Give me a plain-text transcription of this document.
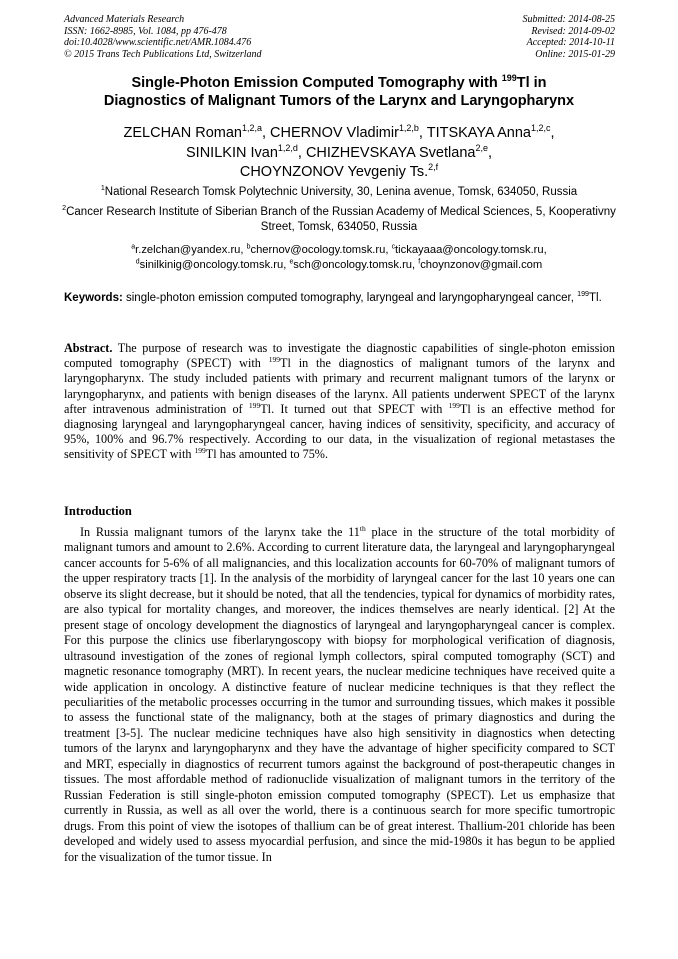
Advanced Materials Research
ISSN: 1662-8985, Vol. 1084, pp 476-478
doi:10.4028/www.scientific.net/AMR.1084.476
© 2015 Trans Tech Publications Ltd, Switzerland
Submitted: 2014-08-25
Revised: 2014-09-02
Accepted: 2014-10-11
Online: 2015-01-29
Single-Photon Emission Computed Tomography with $^{199}$Tl in
Diagnostics of Malignant Tumors of the Larynx and Laryngopharynx
ZELCHAN Roman$^{1,2,a}$, CHERNOV Vladimir$^{1,2,b}$, TITSKAYA Anna$^{1,2,c}$,
SINILKIN Ivan$^{1,2,d}$, CHIZHEVSKAYA Svetlana$^{2,e}$,
CHOYNZONOV Yevgeniy Ts.$^{2,f}$
$^1$National Research Tomsk Polytechnic University, 30, Lenina avenue, Tomsk, 634050, Russia
$^2$Cancer Research Institute of Siberian Branch of the Russian Academy of Medical Sciences, 5, Kooperativny Street, Tomsk, 634050, Russia
$^a$r.zelchan@yandex.ru, $^b$chernov@ocology.tomsk.ru, $^c$tickayaaa@oncology.tomsk.ru,
$^d$sinilkinig@oncology.tomsk.ru, $^e$sch@oncology.tomsk.ru, $^f$choynzonov@gmail.com
Keywords: single-photon emission computed tomography, laryngeal and laryngopharyngeal cancer, $^{199}$Tl.
Abstract. The purpose of research was to investigate the diagnostic capabilities of single-photon emission computed tomography (SPECT) with $^{199}$Tl in the diagnostics of malignant tumors of the larynx and laryngopharynx. The study included patients with primary and recurrent malignant tumors of the larynx or laryngopharynx, and patients with benign diseases of the larynx. All patients underwent SPECT of the larynx after intravenous administration of $^{199}$Tl. It turned out that SPECT with $^{199}$Tl is an effective method for diagnosing laryngeal and laryngopharyngeal cancer, having indices of sensitivity, specificity, and accuracy of 95%, 100% and 96.7% respectively. According to our data, in the visualization of regional metastases the sensitivity of SPECT with $^{199}$Tl has amounted to 75%.
Introduction
In Russia malignant tumors of the larynx take the 11th place in the structure of the total morbidity of malignant tumors and amount to 2.6%. According to current literature data, the laryngeal and laryngopharyngeal cancer accounts for 5-6% of all malignancies, and this localization accounts for 60-70% of malignant tumors of the upper respiratory tracts [1]. In the analysis of the morbidity of laryngeal cancer for the last 10 years one can observe its slight decrease, but it should be noted, that all the tendencies, typical for dynamics of morbidity rates, are also typical for mortality changes, and moreover, the indices themselves are nearly identical. [2] At the present stage of oncology development the diagnostics of laryngeal and laryngopharyngeal cancer is complex. For this purpose the clinics use fiberlaryngoscopy with biopsy for morphological verification of diagnosis, ultrasound investigation of the zones of regional lymph collectors, spiral computed tomography (SCT) and magnetic resonance tomography (MRT). In recent years, the nuclear medicine techniques have received quite a wide application in oncology. A distinctive feature of nuclear medicine techniques is that they reflect the peculiarities of the metabolic processes occurring in the tumor and surrounding tissues, which makes it possible to assess the functional state of the malignancy, both at the stages of primary diagnostics and during the treatment [3-5]. The nuclear medicine techniques have also high sensitivity in diagnostics when detecting tumors of the larynx and laryngopharynx and they have the advantage of higher specificity compared to SCT and MRT, especially in diagnostics of recurrent tumors against the background of post-therapeutic changes in tissues. The most affordable method of radionuclide visualization of malignant tumors in the territory of the Russian Federation is still single-photon emission computed tomography (SPECT). Let us emphasize that currently in Russia, as well as all over the world, there is a continuous search for more specific tumortropic drugs. From this point of view the isotopes of thallium can be of great interest. Thallium-201 chloride has been developed and widely used to assess myocardial perfusion, and since the mid-1980s it has begun to be applied for the visualization of the tumor tissue. In
